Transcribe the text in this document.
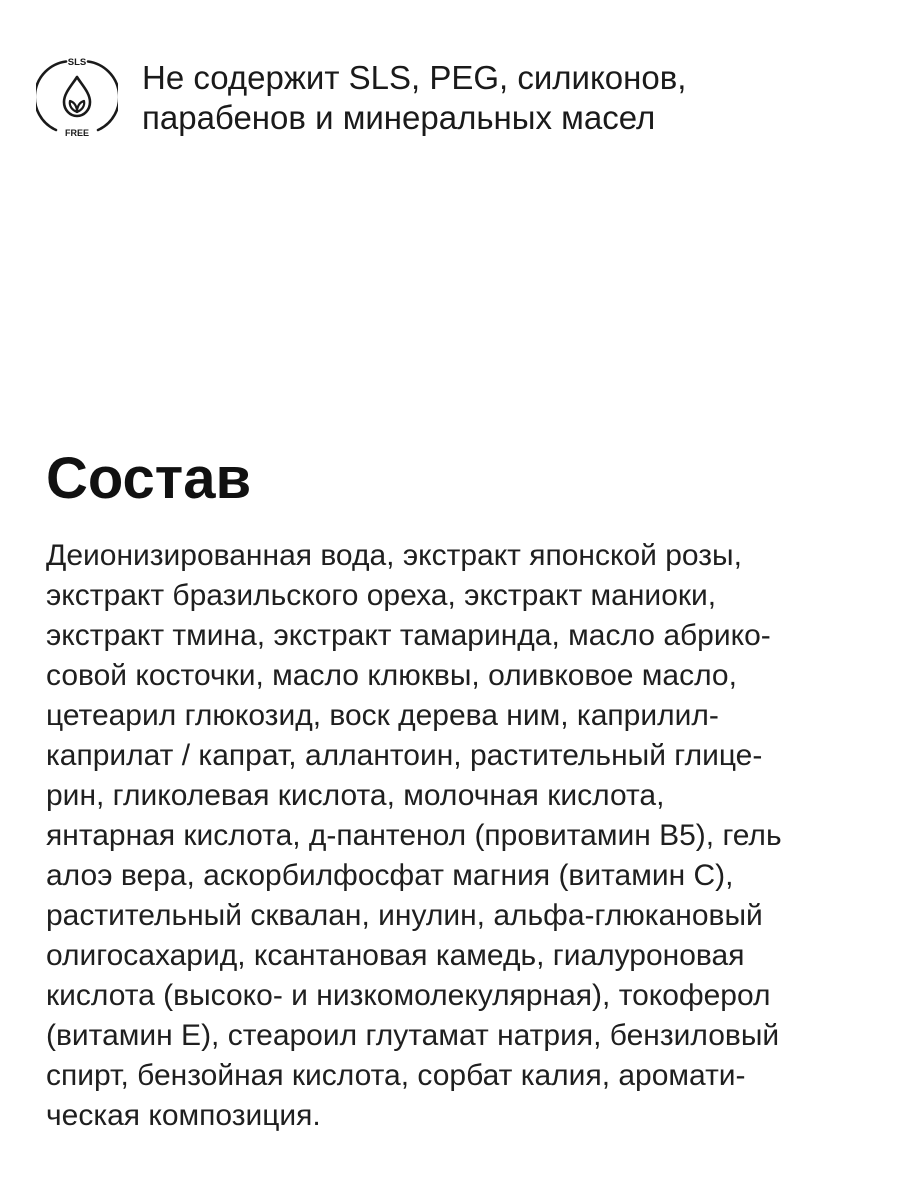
SLS
FREE
Не содержит SLS, PEG, силиконов,
парабенов и минеральных масел
Состав
Деионизированная вода, экстракт японской розы,
экстракт бразильского ореха, экстракт маниоки,
экстракт тмина, экстракт тамаринда, масло абрико-
совой косточки, масло клюквы, оливковое масло,
цетеарил глюкозид, воск дерева ним, каприлил-
каприлат / капрат, аллантоин, растительный глице-
рин, гликолевая кислота, молочная кислота,
янтарная кислота, д-пантенол (провитамин В5), гель
алоэ вера, аскорбилфосфат магния (витамин С),
растительный сквалан, инулин, альфа-глюкановый
олигосахарид, ксантановая камедь, гиалуроновая
кислота (высоко- и низкомолекулярная), токоферол
(витамин Е), стеароил глутамат натрия, бензиловый
спирт, бензойная кислота, сорбат калия, аромати-
ческая композиция.
